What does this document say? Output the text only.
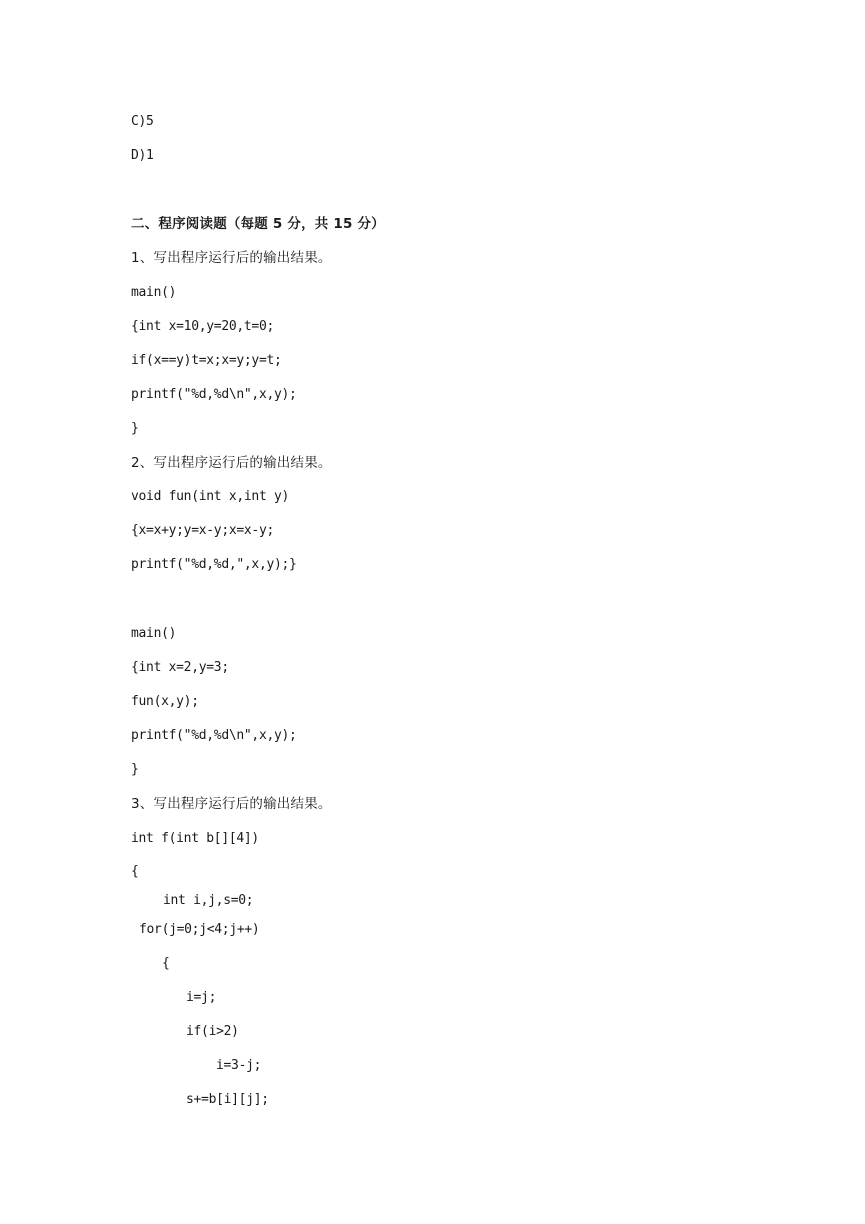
C)5
D)1
二、程序阅读题（每题 5 分，共 15 分）
1、写出程序运行后的输出结果。
main()
{int x=10,y=20,t=0;
if(x==y)t=x;x=y;y=t;
printf("%d,%d\n",x,y);
}
2、写出程序运行后的输出结果。
void fun(int x,int y)
{x=x+y;y=x-y;x=x-y;
printf("%d,%d,",x,y);}
main()
{int x=2,y=3;
fun(x,y);
printf("%d,%d\n",x,y);
}
3、写出程序运行后的输出结果。
int f(int b[][4])
{
int i,j,s=0;
for(j=0;j<4;j++)
{
i=j;
if(i>2)
i=3-j;
s+=b[i][j];
